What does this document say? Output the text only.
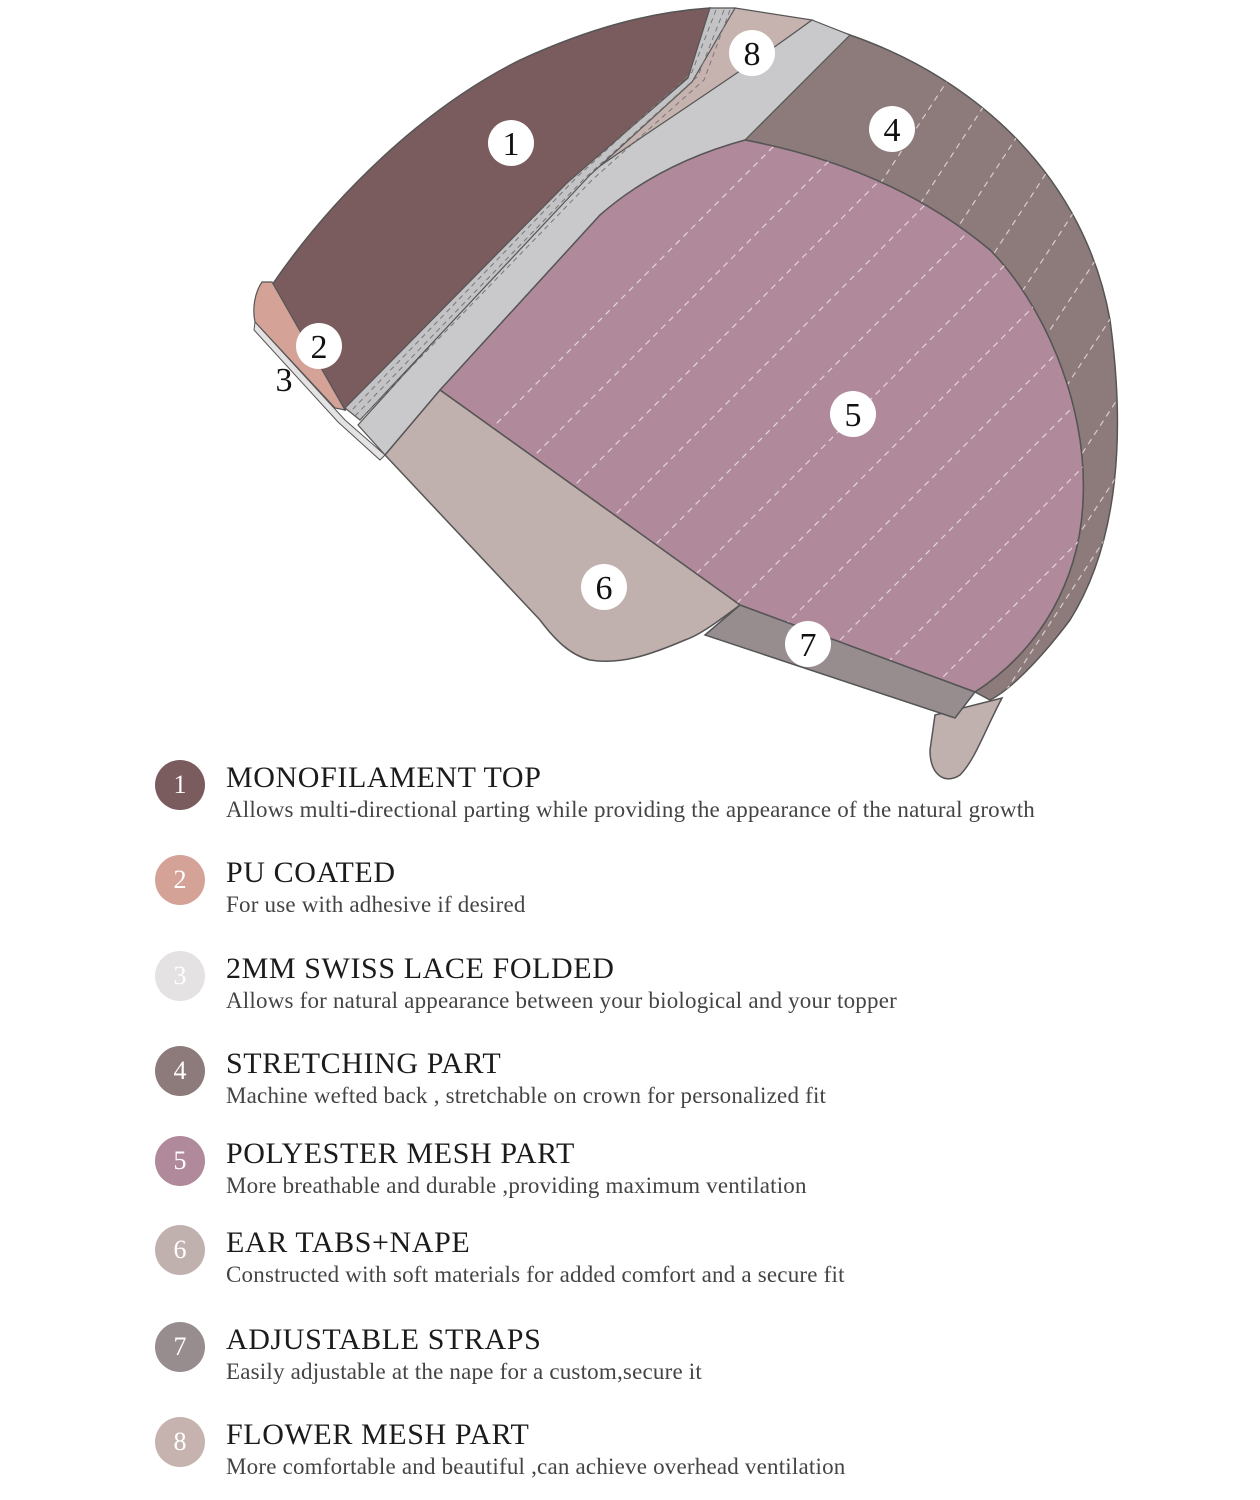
1
2
3
4
5
6
7
8
1	MONOFILAMENT TOP
Allows multi-directional parting while providing the appearance of the natural growth
2	PU COATED
For use with adhesive if desired
3	2MM SWISS LACE FOLDED
Allows for natural appearance between your biological and your topper
4	STRETCHING PART
Machine wefted back , stretchable on crown for personalized fit
5	POLYESTER MESH PART
More breathable and durable ,providing maximum ventilation
6	EAR TABS+NAPE
Constructed with soft materials for added comfort and a secure fit
7	ADJUSTABLE STRAPS
Easily adjustable at the nape for a custom,secure it
8	FLOWER MESH PART
More comfortable and beautiful ,can achieve overhead ventilation
